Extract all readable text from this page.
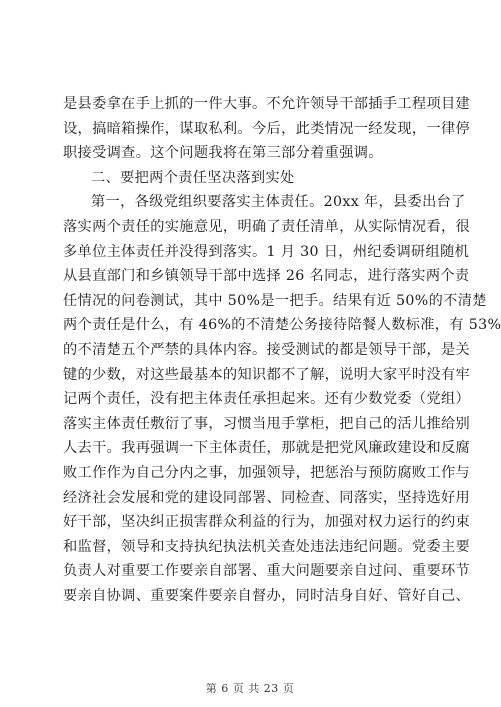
是县委拿在手上抓的一件大事。不允许领导干部插手工程项目建
设，搞暗箱操作，谋取私利。今后，此类情况一经发现，一律停
职接受调查。这个问题我将在第三部分着重强调。
二、要把两个责任坚决落到实处
第一，各级党组织要落实主体责任。20xx 年，县委出台了
落实两个责任的实施意见，明确了责任清单，从实际情况看，很
多单位主体责任并没得到落实。1 月 30 日，州纪委调研组随机
从县直部门和乡镇领导干部中选择 26 名同志，进行落实两个责
任情况的问卷测试，其中 50%是一把手。结果有近 50%的不清楚
两个责任是什么，有 46%的不清楚公务接待陪餐人数标准，有 53%
的不清楚五个严禁的具体内容。接受测试的都是领导干部，是关
键的少数，对这些最基本的知识都不了解，说明大家平时没有牢
记两个责任，没有把主体责任承担起来。还有少数党委（党组）
落实主体责任敷衍了事，习惯当甩手掌柜，把自己的活儿推给别
人去干。我再强调一下主体责任，那就是把党风廉政建设和反腐
败工作作为自己分内之事，加强领导，把惩治与预防腐败工作与
经济社会发展和党的建设同部署、同检查、同落实，坚持选好用
好干部，坚决纠正损害群众利益的行为，加强对权力运行的约束
和监督，领导和支持执纪执法机关查处违法违纪问题。党委主要
负责人对重要工作要亲自部署、重大问题要亲自过问、重要环节
要亲自协调、重要案件要亲自督办，同时洁身自好、管好自己、
第 6 页 共 23 页
